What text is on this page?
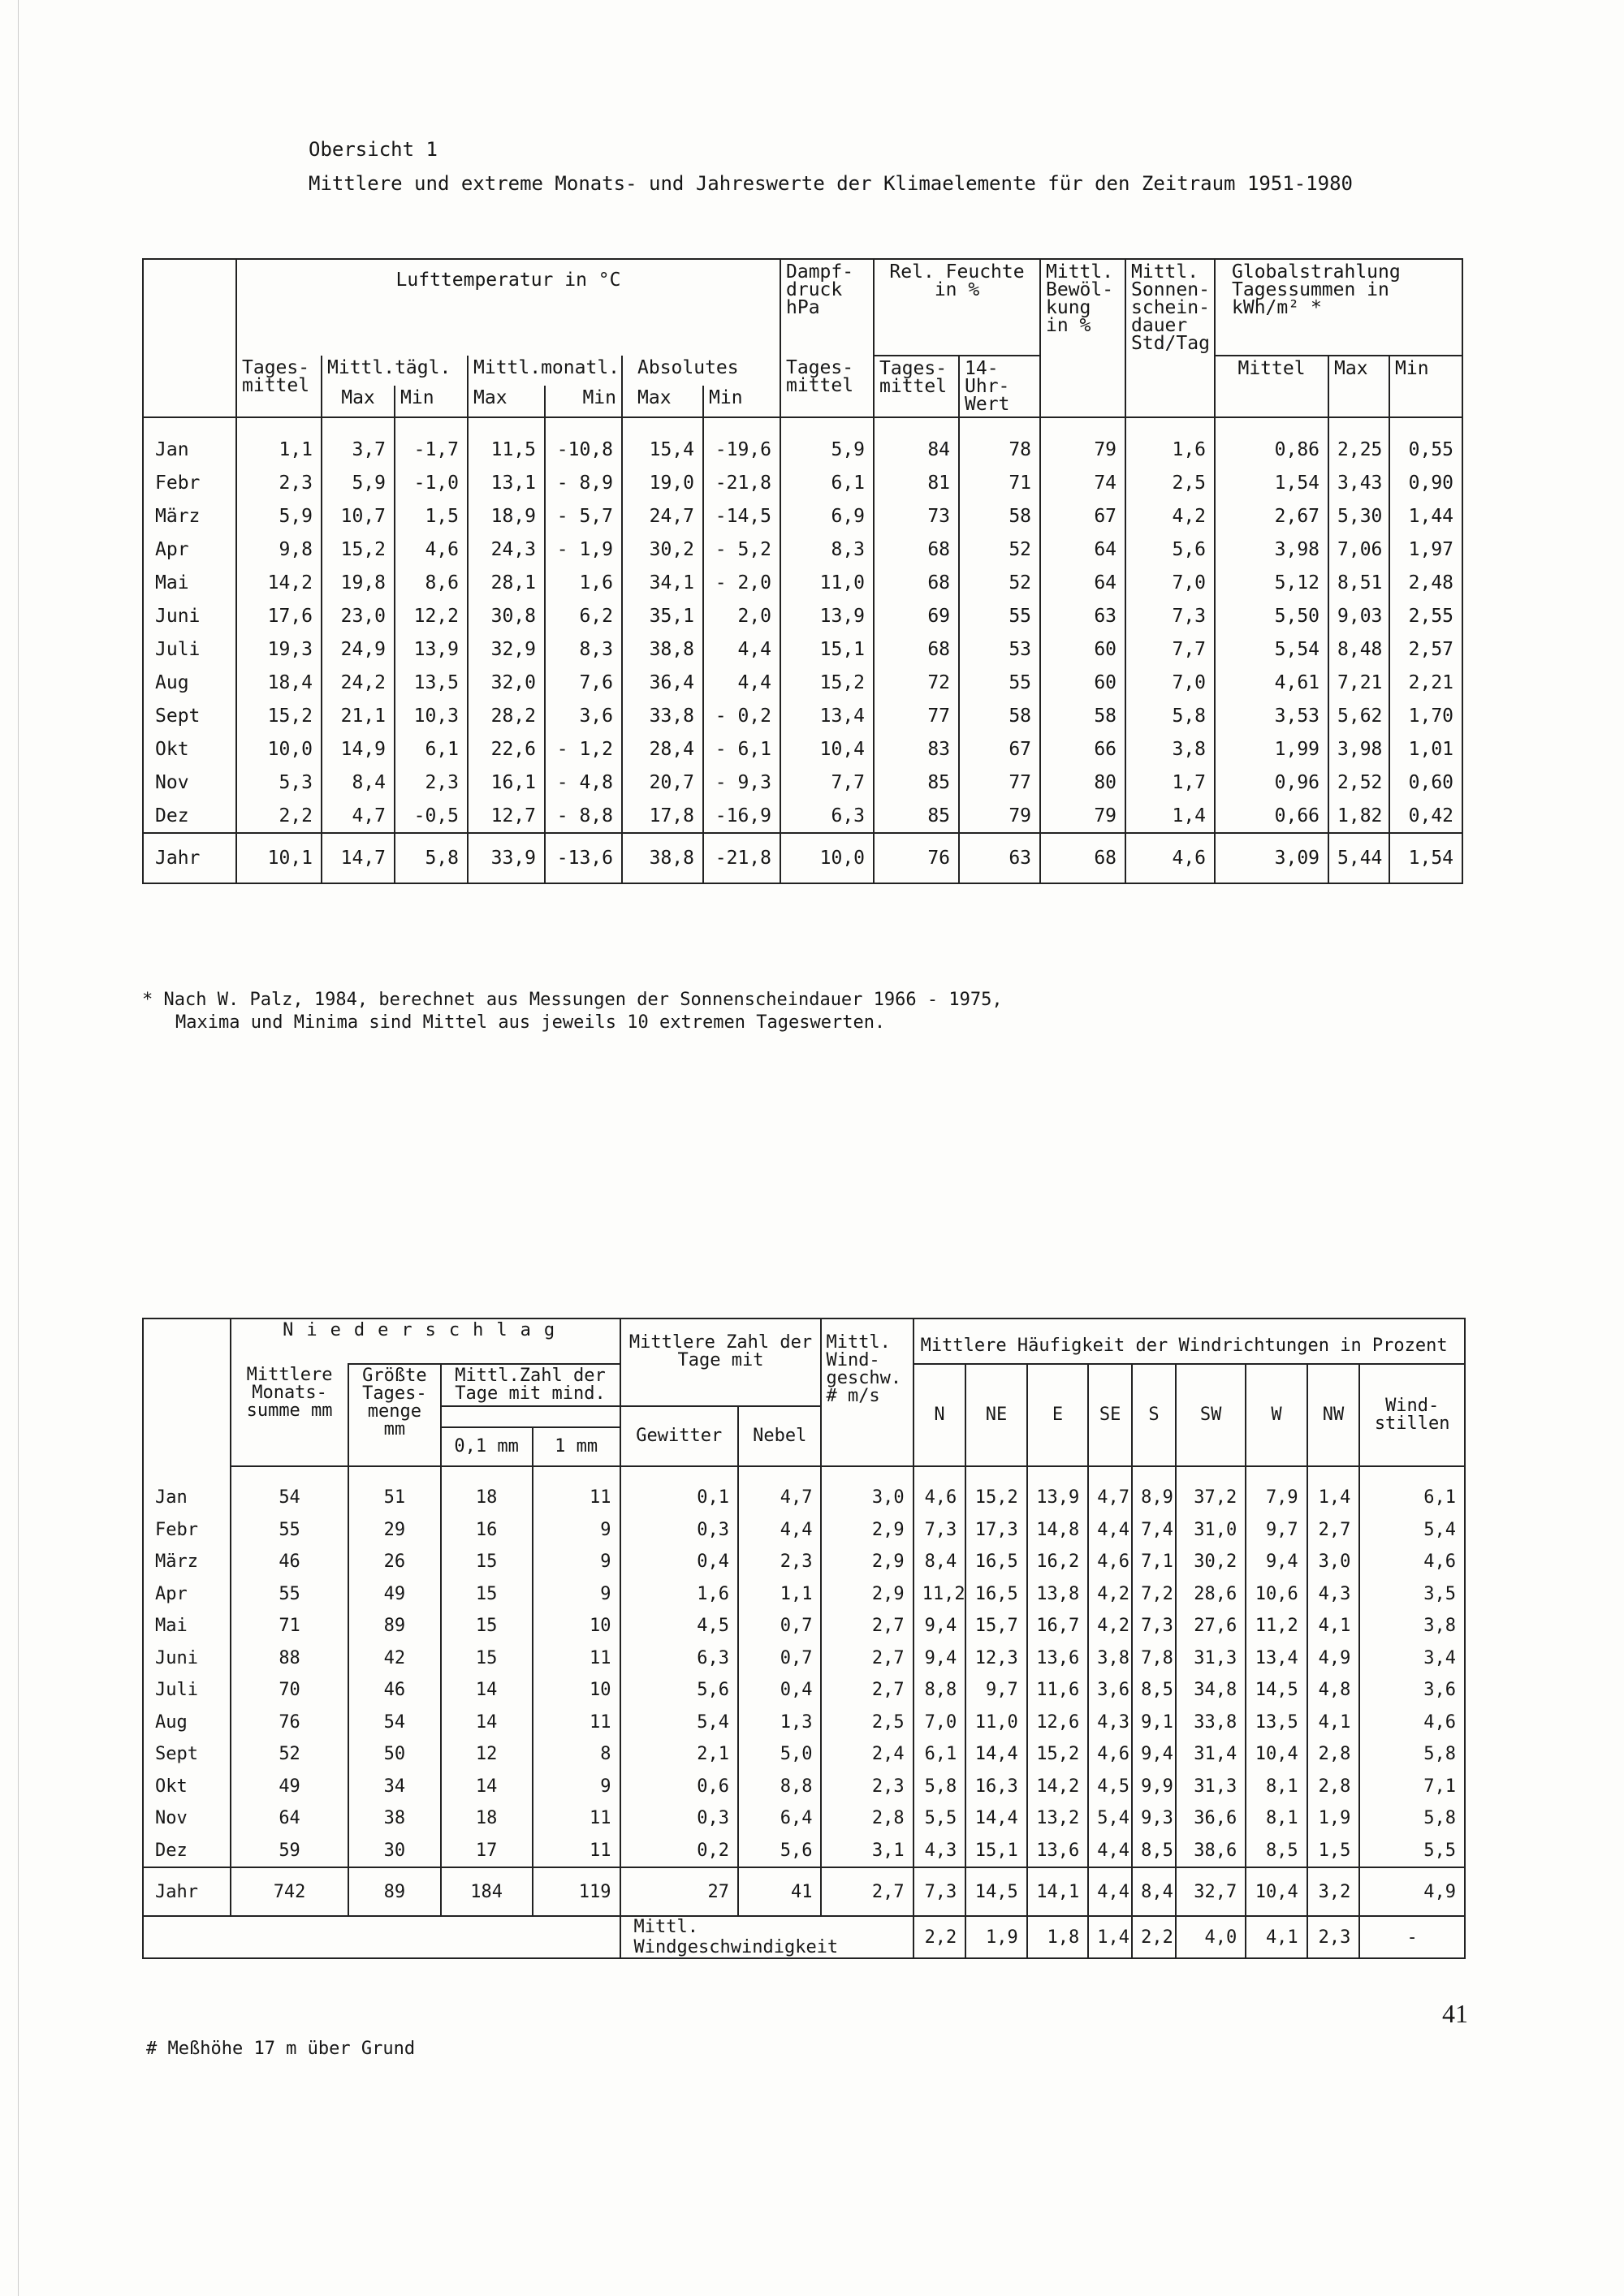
Obersicht 1
Mittlere und extreme Monats- und Jahreswerte der Klimaelemente für den Zeitraum 1951-1980
	Lufttemperatur in °C							Dampf- druck hPa	Rel. Feuchte in %		Mittl. Bewöl- kung in %	Mittl. Sonnen- schein- dauer Std/Tag	Globalstrahlung Tagessummen in kWh/m² *		
	Tages- mittel	Mittl.tägl.		Mittl.monatl.		Absolutes		Tages- mittel	Tages- mittel	14-Uhr- Wert			Mittel	Max	Min
		Max	Min	Max	Min	Max	Min								
Jan	1,1	3,7	-1,7	11,5	-10,8	15,4	-19,6	5,9	84	78	79	1,6	0,86	2,25	0,55
Febr	2,3	5,9	-1,0	13,1	- 8,9	19,0	-21,8	6,1	81	71	74	2,5	1,54	3,43	0,90
März	5,9	10,7	1,5	18,9	- 5,7	24,7	-14,5	6,9	73	58	67	4,2	2,67	5,30	1,44
Apr	9,8	15,2	4,6	24,3	- 1,9	30,2	- 5,2	8,3	68	52	64	5,6	3,98	7,06	1,97
Mai	14,2	19,8	8,6	28,1	1,6	34,1	- 2,0	11,0	68	52	64	7,0	5,12	8,51	2,48
Juni	17,6	23,0	12,2	30,8	6,2	35,1	2,0	13,9	69	55	63	7,3	5,50	9,03	2,55
Juli	19,3	24,9	13,9	32,9	8,3	38,8	4,4	15,1	68	53	60	7,7	5,54	8,48	2,57
Aug	18,4	24,2	13,5	32,0	7,6	36,4	4,4	15,2	72	55	60	7,0	4,61	7,21	2,21
Sept	15,2	21,1	10,3	28,2	3,6	33,8	- 0,2	13,4	77	58	58	5,8	3,53	5,62	1,70
Okt	10,0	14,9	6,1	22,6	- 1,2	28,4	- 6,1	10,4	83	67	66	3,8	1,99	3,98	1,01
Nov	5,3	8,4	2,3	16,1	- 4,8	20,7	- 9,3	7,7	85	77	80	1,7	0,96	2,52	0,60
Dez	2,2	4,7	-0,5	12,7	- 8,8	17,8	-16,9	6,3	85	79	79	1,4	0,66	1,82	0,42
Jahr	10,1	14,7	5,8	33,9	-13,6	38,8	-21,8	10,0	76	63	68	4,6	3,09	5,44	1,54
* Nach W. Palz, 1984, berechnet aus Messungen der Sonnenscheindauer 1966 - 1975,
Maxima und Minima sind Mittel aus jeweils 10 extremen Tageswerten.
	Niederschlag				Mittlere Zahl der Tage mit		Mittl. Wind- geschw. # m/s	Mittlere Häufigkeit der Windrichtungen in Prozent								
	Mittlere Monats- summe mm	Größte Tages- menge mm	Mittl.Zahl der Tage mit mind.					N	NE	E	SE	S	SW	W	NW	Wind- stillen
					Gewitter	Nebel										
			0,1 mm	1 mm												
Jan	54	51	18	11	0,1	4,7	3,0	4,6	15,2	13,9	4,7	8,9	37,2	7,9	1,4	6,1
Febr	55	29	16	9	0,3	4,4	2,9	7,3	17,3	14,8	4,4	7,4	31,0	9,7	2,7	5,4
März	46	26	15	9	0,4	2,3	2,9	8,4	16,5	16,2	4,6	7,1	30,2	9,4	3,0	4,6
Apr	55	49	15	9	1,6	1,1	2,9	11,2	16,5	13,8	4,2	7,2	28,6	10,6	4,3	3,5
Mai	71	89	15	10	4,5	0,7	2,7	9,4	15,7	16,7	4,2	7,3	27,6	11,2	4,1	3,8
Juni	88	42	15	11	6,3	0,7	2,7	9,4	12,3	13,6	3,8	7,8	31,3	13,4	4,9	3,4
Juli	70	46	14	10	5,6	0,4	2,7	8,8	9,7	11,6	3,6	8,5	34,8	14,5	4,8	3,6
Aug	76	54	14	11	5,4	1,3	2,5	7,0	11,0	12,6	4,3	9,1	33,8	13,5	4,1	4,6
Sept	52	50	12	8	2,1	5,0	2,4	6,1	14,4	15,2	4,6	9,4	31,4	10,4	2,8	5,8
Okt	49	34	14	9	0,6	8,8	2,3	5,8	16,3	14,2	4,5	9,9	31,3	8,1	2,8	7,1
Nov	64	38	18	11	0,3	6,4	2,8	5,5	14,4	13,2	5,4	9,3	36,6	8,1	1,9	5,8
Dez	59	30	17	11	0,2	5,6	3,1	4,3	15,1	13,6	4,4	8,5	38,6	8,5	1,5	5,5
Jahr	742	89	184	119	27	41	2,7	7,3	14,5	14,1	4,4	8,4	32,7	10,4	3,2	4,9
					Mittl. Windgeschwindigkeit			2,2	1,9	1,8	1,4	2,2	4,0	4,1	2,3	-
# Meßhöhe 17 m über Grund
41
